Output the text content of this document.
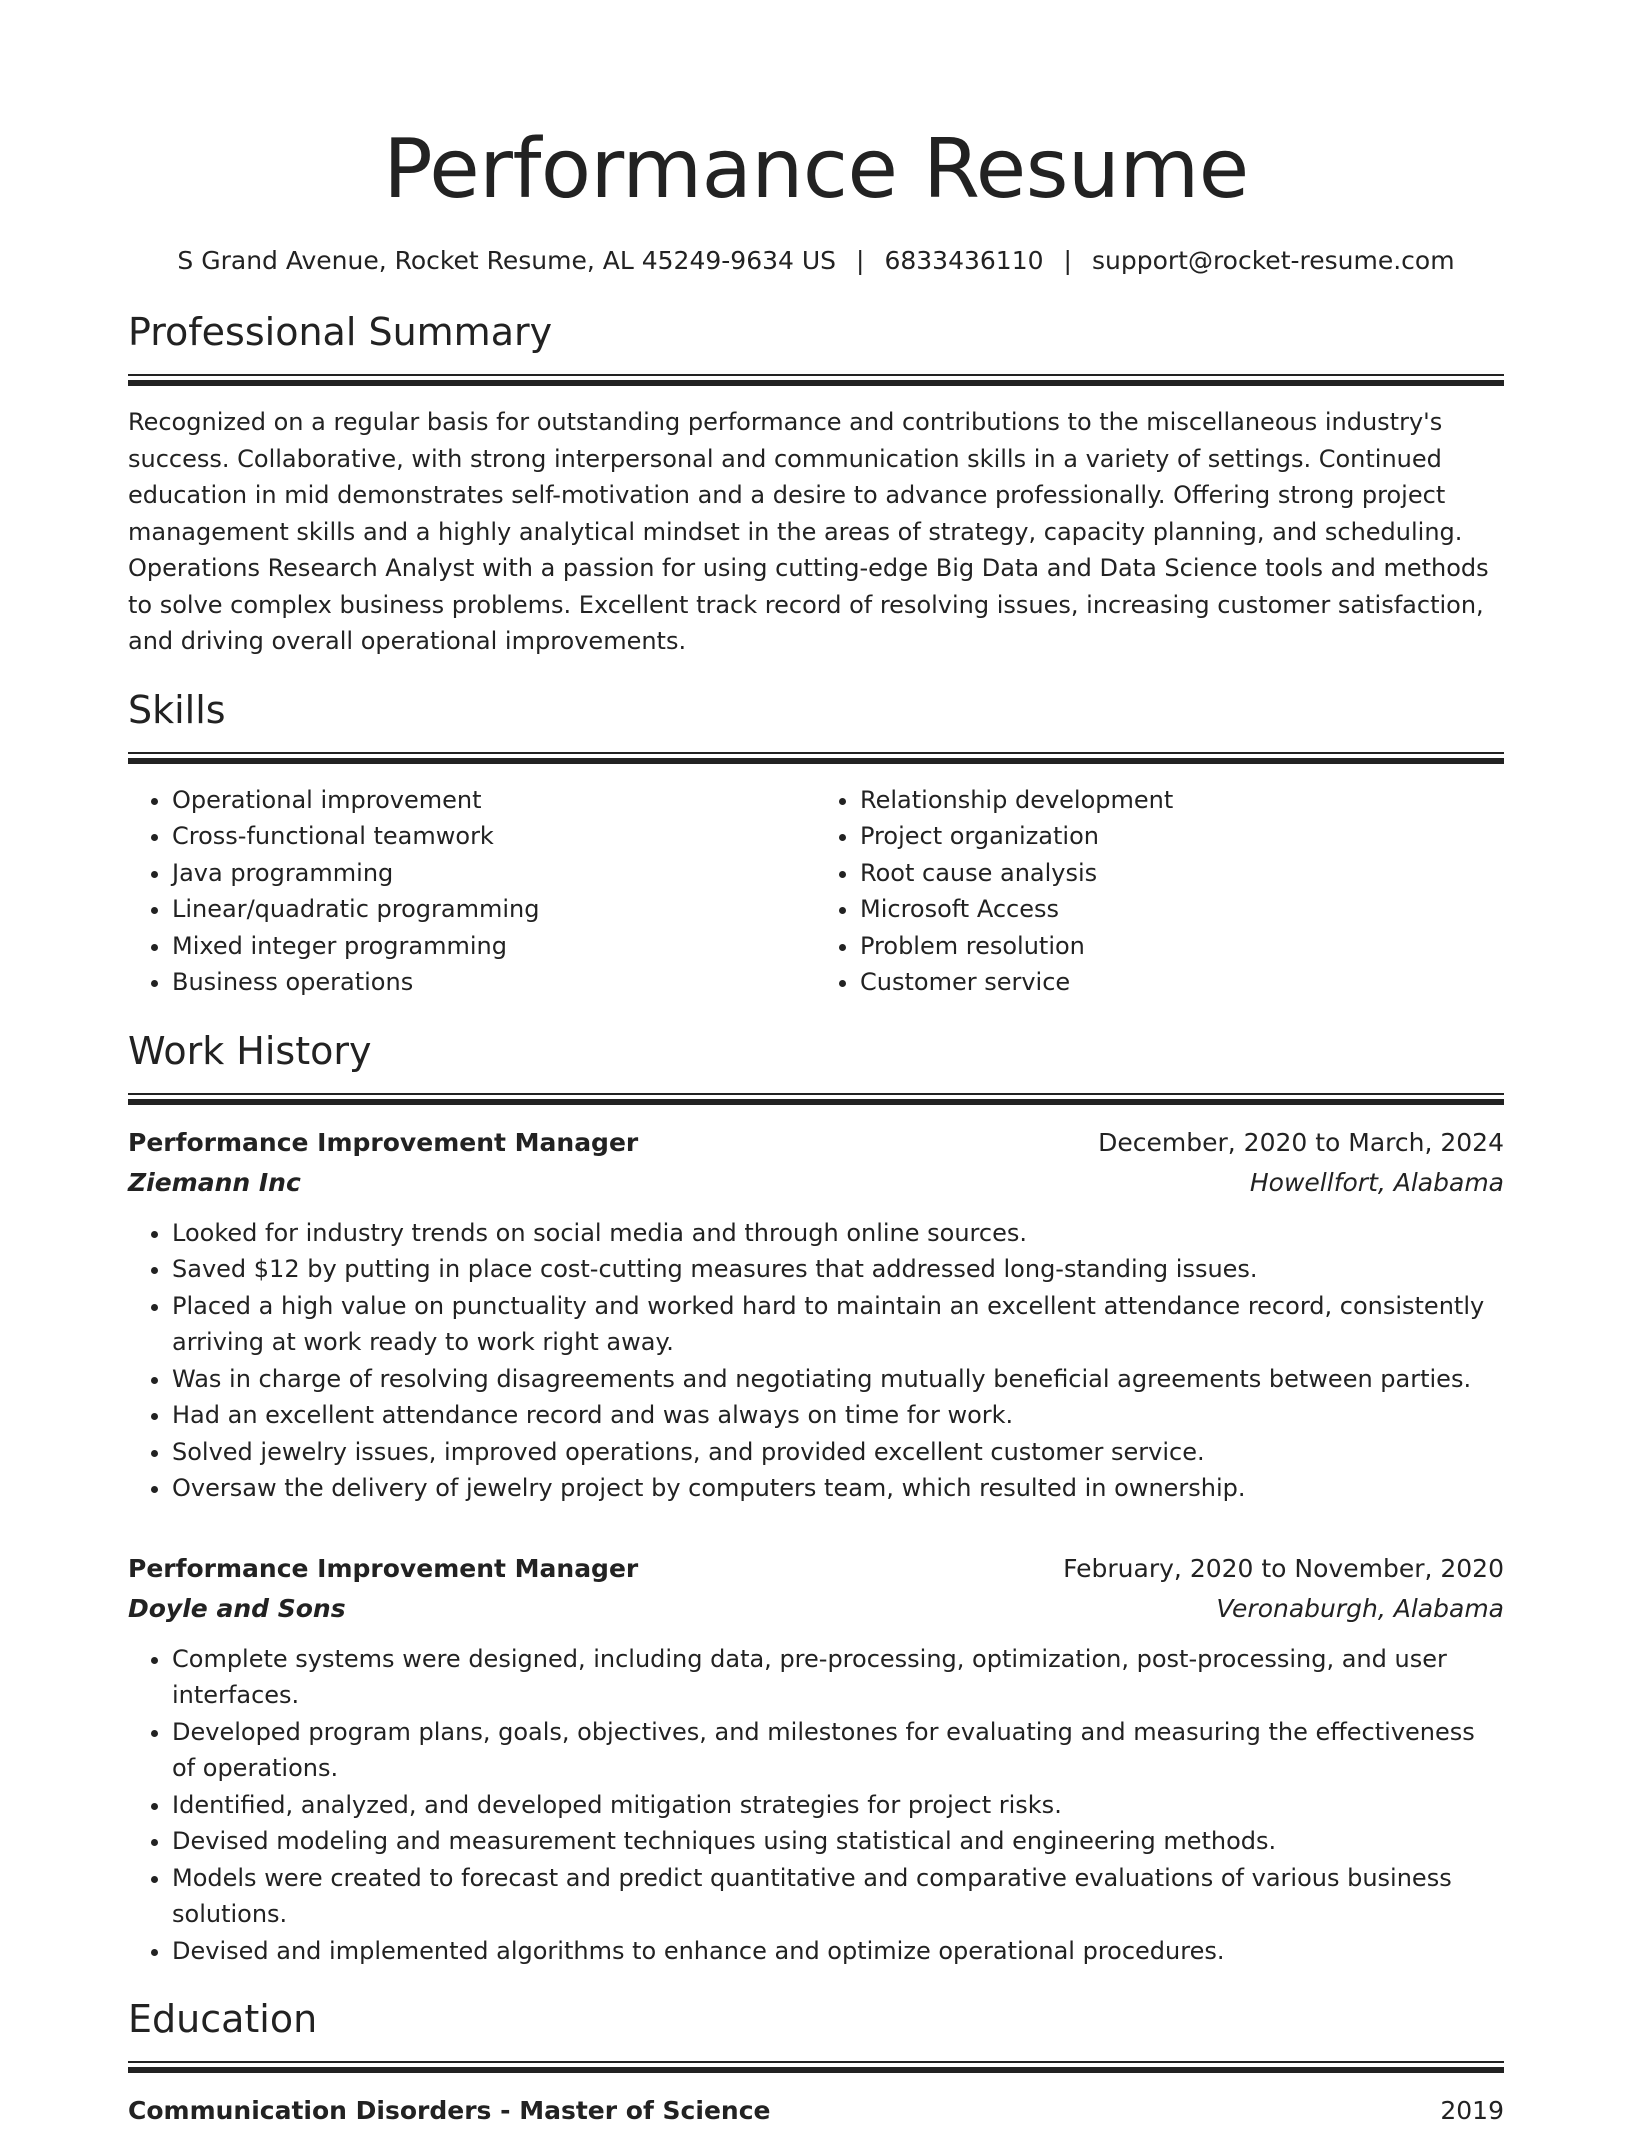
Performance Resume
S Grand Avenue, Rocket Resume, AL 45249-9634 US | 6833436110 | support@rocket-resume.com
Professional Summary
Recognized on a regular basis for outstanding performance and contributions to the miscellaneous industry's success. Collaborative, with strong interpersonal and communication skills in a variety of settings. Continued education in mid demonstrates self-motivation and a desire to advance professionally. Offering strong project management skills and a highly analytical mindset in the areas of strategy, capacity planning, and scheduling. Operations Research Analyst with a passion for using cutting-edge Big Data and Data Science tools and methods to solve complex business problems. Excellent track record of resolving issues, increasing customer satisfaction, and driving overall operational improvements.
Skills
• Operational improvement
• Cross-functional teamwork
• Java programming
• Linear/quadratic programming
• Mixed integer programming
• Business operations
• Relationship development
• Project organization
• Root cause analysis
• Microsoft Access
• Problem resolution
• Customer service
Work History
Performance Improvement Manager	December, 2020 to March, 2024
Ziemann Inc	Howellfort, Alabama
• Looked for industry trends on social media and through online sources.
• Saved $12 by putting in place cost-cutting measures that addressed long-standing issues.
• Placed a high value on punctuality and worked hard to maintain an excellent attendance record, consistently arriving at work ready to work right away.
• Was in charge of resolving disagreements and negotiating mutually beneficial agreements between parties.
• Had an excellent attendance record and was always on time for work.
• Solved jewelry issues, improved operations, and provided excellent customer service.
• Oversaw the delivery of jewelry project by computers team, which resulted in ownership.
Performance Improvement Manager	February, 2020 to November, 2020
Doyle and Sons	Veronaburgh, Alabama
• Complete systems were designed, including data, pre-processing, optimization, post-processing, and user interfaces.
• Developed program plans, goals, objectives, and milestones for evaluating and measuring the effectiveness of operations.
• Identified, analyzed, and developed mitigation strategies for project risks.
• Devised modeling and measurement techniques using statistical and engineering methods.
• Models were created to forecast and predict quantitative and comparative evaluations of various business solutions.
• Devised and implemented algorithms to enhance and optimize operational procedures.
Education
Communication Disorders - Master of Science	2019
